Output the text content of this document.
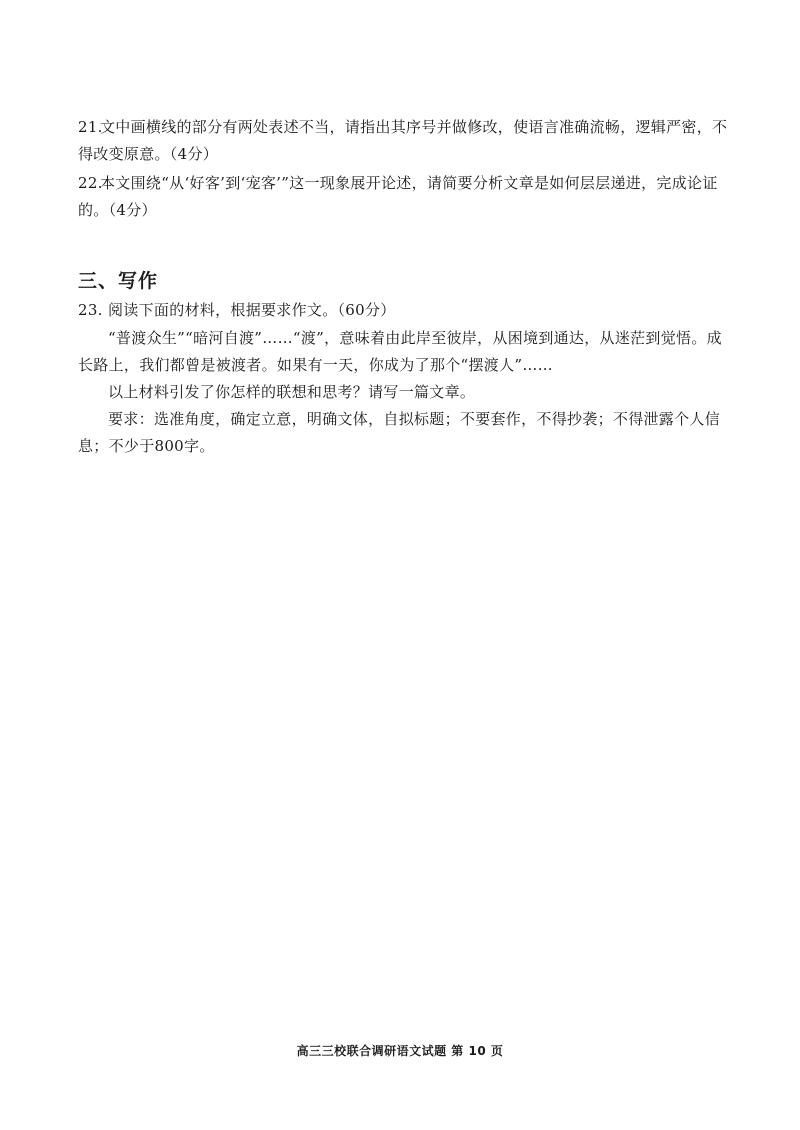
21.文中画横线的部分有两处表述不当，请指出其序号并做修改，使语言准确流畅，逻辑严密，不得改变原意。（4分）
22.本文围绕“从‘好客’到‘宠客’”这一现象展开论述，请简要分析文章是如何层层递进，完成论证的。（4分）
三、写作
23. 阅读下面的材料，根据要求作文。（60分）
“普渡众生”“暗河自渡”……“渡”，意味着由此岸至彼岸，从困境到通达，从迷茫到觉悟。成长路上，我们都曾是被渡者。如果有一天，你成为了那个“摆渡人”……
以上材料引发了你怎样的联想和思考？请写一篇文章。
要求：选准角度，确定立意，明确文体，自拟标题；不要套作，不得抄袭；不得泄露个人信息；不少于800字。
高三三校联合调研语文试题 第 10 页
